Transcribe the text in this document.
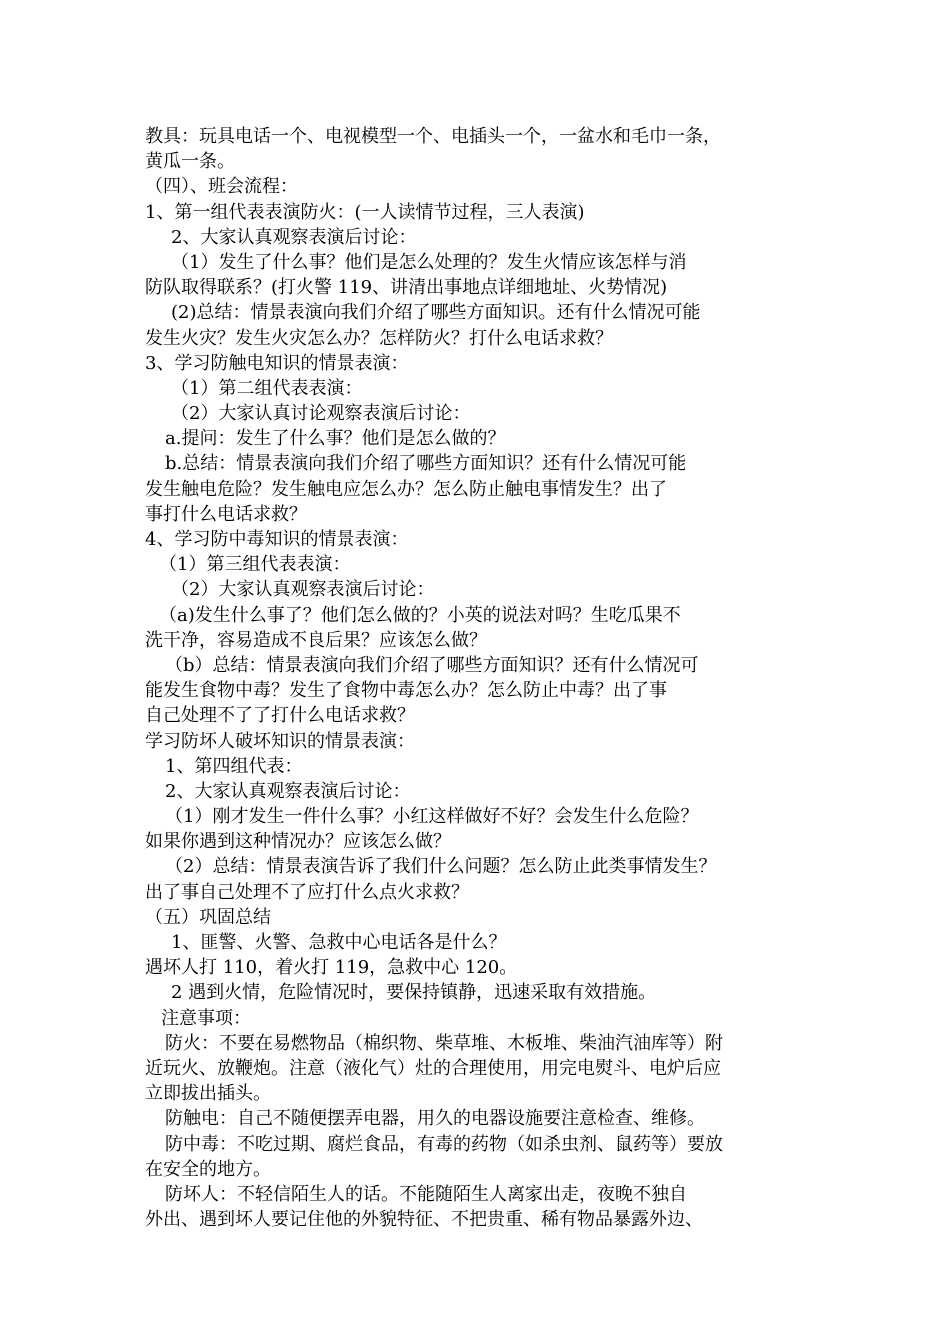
教具：玩具电话一个、电视模型一个、电插头一个，一盆水和毛巾一条，
黄瓜一条。
（四）、班会流程：
1、第一组代表表演防火：(一人读情节过程，三人表演)
2、大家认真观察表演后讨论：
（1）发生了什么事？他们是怎么处理的？发生火情应该怎样与消
防队取得联系？(打火警 119、讲清出事地点详细地址、火势情况)
(2)总结：情景表演向我们介绍了哪些方面知识。还有什么情况可能
发生火灾？发生火灾怎么办？怎样防火？打什么电话求救？
3、学习防触电知识的情景表演：
（1）第二组代表表演：
（2）大家认真讨论观察表演后讨论：
a.提问：发生了什么事？他们是怎么做的？
b.总结：情景表演向我们介绍了哪些方面知识？还有什么情况可能
发生触电危险？发生触电应怎么办？怎么防止触电事情发生？出了
事打什么电话求救？
4、学习防中毒知识的情景表演：
（1）第三组代表表演：
（2）大家认真观察表演后讨论：
（a)发生什么事了？他们怎么做的？小英的说法对吗？生吃瓜果不
洗干净，容易造成不良后果？应该怎么做？
（b）总结：情景表演向我们介绍了哪些方面知识？还有什么情况可
能发生食物中毒？发生了食物中毒怎么办？怎么防止中毒？出了事
自己处理不了了打什么电话求救？
学习防坏人破坏知识的情景表演：
1、第四组代表：
2、大家认真观察表演后讨论：
（1）刚才发生一件什么事？小红这样做好不好？会发生什么危险？
如果你遇到这种情况办？应该怎么做？
（2）总结：情景表演告诉了我们什么问题？怎么防止此类事情发生？
出了事自己处理不了应打什么点火求救？
（五）巩固总结
1、匪警、火警、急救中心电话各是什么？
遇坏人打 110，着火打 119，急救中心 120。
2 遇到火情，危险情况时，要保持镇静，迅速采取有效措施。
注意事项：
防火：不要在易燃物品（棉织物、柴草堆、木板堆、柴油汽油库等）附
近玩火、放鞭炮。注意（液化气）灶的合理使用，用完电熨斗、电炉后应
立即拔出插头。
防触电：自己不随便摆弄电器，用久的电器设施要注意检查、维修。
防中毒：不吃过期、腐烂食品，有毒的药物（如杀虫剂、鼠药等）要放
在安全的地方。
防坏人：不轻信陌生人的话。不能随陌生人离家出走，夜晚不独自
外出、遇到坏人要记住他的外貌特征、不把贵重、稀有物品暴露外边、
